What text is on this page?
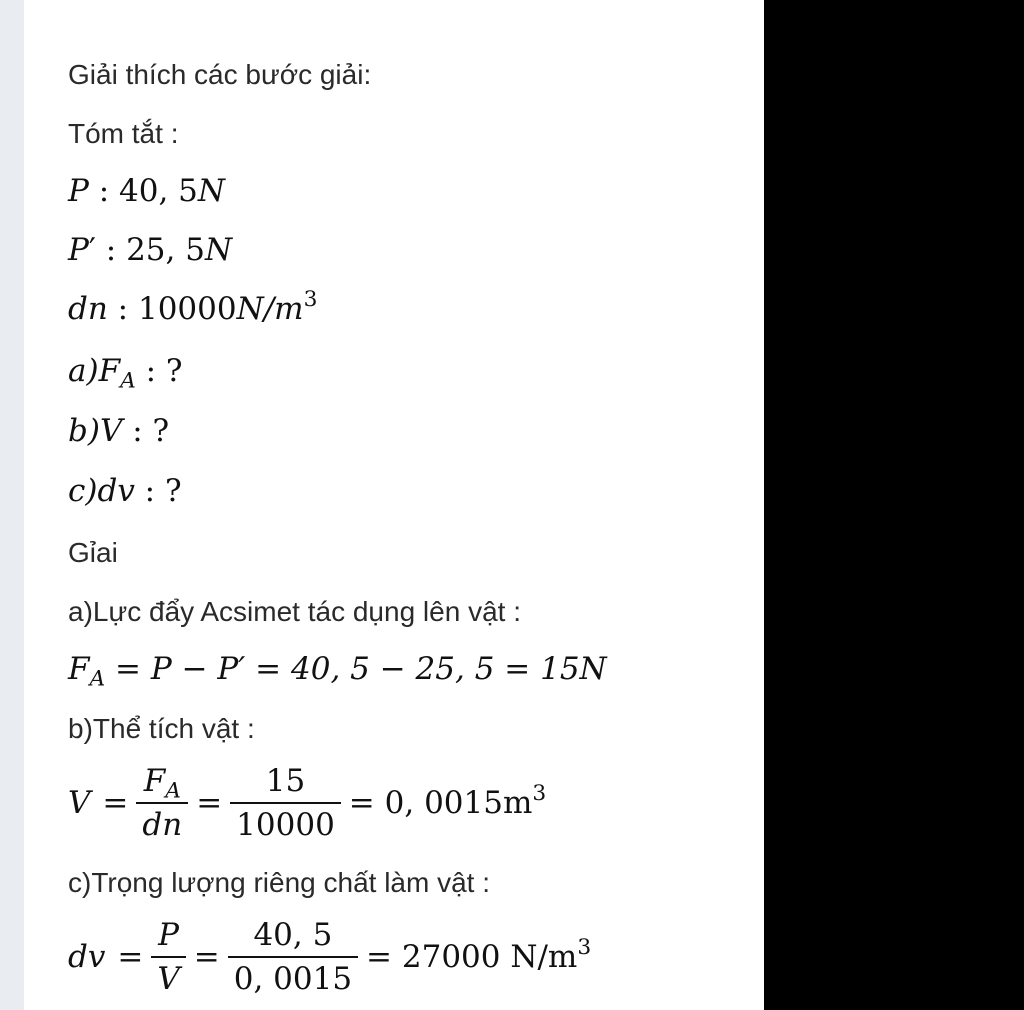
Giải thích các bước giải:
Tóm tắt :
P : 40, 5N
P′ : 25, 5N
dn : $10000N/m^3$
$a)F_A$ : ?
b)V : ?
c)dv : ?
Gỉai
a)Lực đẩy Acsimet tác dụng lên vật :
$F_A = P - P' = 40$, 5 − 25, 5 = 15N
b)Thể tích vật :
$V = \frac{F_A}{dn} = \frac{15}{10000} = 0$, $0015m^3$
c)Trọng lượng riêng chất làm vật :
dv = $\frac{P}{V} = \frac{40, 5}{0, 0015} = 27000$ $N/m^3$
